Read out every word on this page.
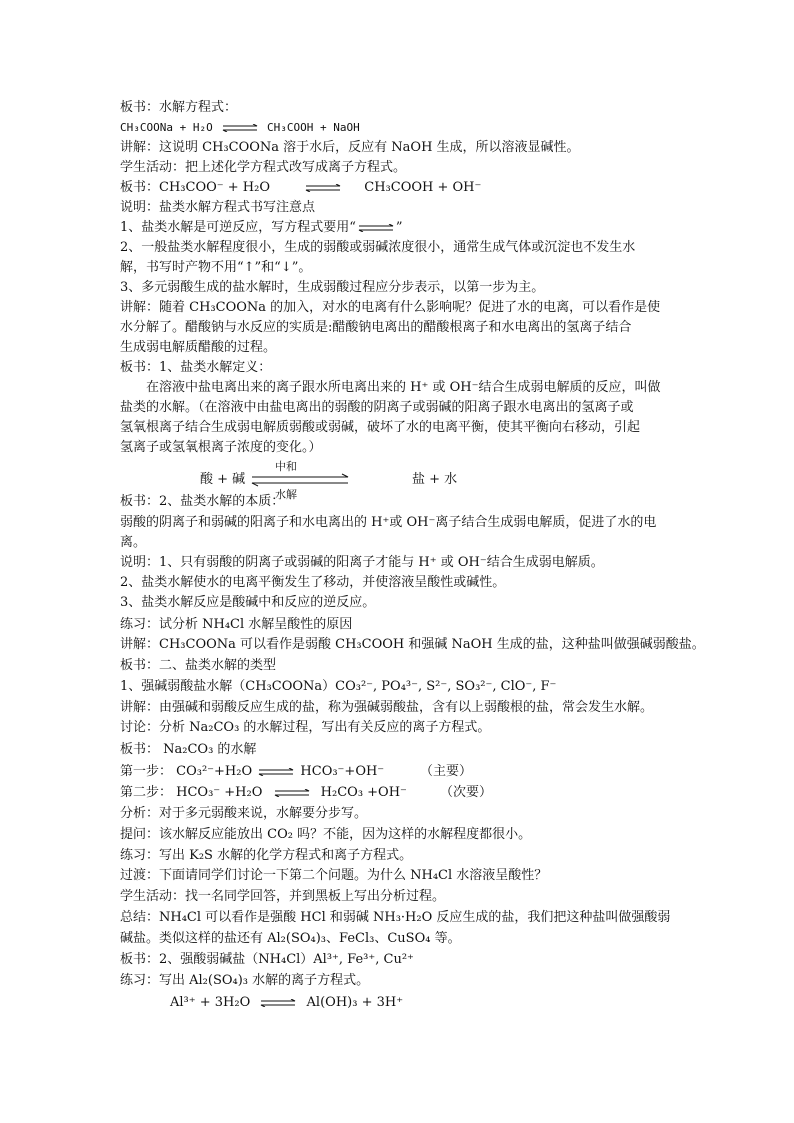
板书：水解方程式：
CH₃COONa + H₂O ⇌ CH₃COOH + NaOH
讲解：这说明 CH₃COONa 溶于水后，反应有 NaOH 生成，所以溶液显碱性。
学生活动：把上述化学方程式改写成离子方程式。
板书：CH₃COO⁻ + H₂O	CH₃COOH + OH⁻
说明：盐类水解方程式书写注意点
1、盐类水解是可逆反应，写方程式要用“⇌”
2、一般盐类水解程度很小，生成的弱酸或弱碱浓度很小，通常生成气体或沉淀也不发生水
解，书写时产物不用“↑”和“↓”。
3、多元弱酸生成的盐水解时，生成弱酸过程应分步表示，以第一步为主。
讲解：随着 CH₃COONa 的加入，对水的电离有什么影响呢？促进了水的电离，可以看作是使
水分解了。醋酸钠与水反应的实质是:醋酸钠电离出的醋酸根离子和水电离出的氢离子结合
生成弱电解质醋酸的过程。
板书：1、盐类水解定义：
在溶液中盐电离出来的离子跟水所电离出来的 H⁺ 或 OH⁻结合生成弱电解质的反应，叫做
盐类的水解。（在溶液中由盐电离出的弱酸的阴离子或弱碱的阳离子跟水电离出的氢离子或
氢氧根离子结合生成弱电解质弱酸或弱碱，破坏了水的电离平衡，使其平衡向右移动，引起
氢离子或氢氧根离子浓度的变化。）
酸 + 碱
中和
水解
盐 + 水
板书：2、盐类水解的本质：
弱酸的阴离子和弱碱的阳离子和水电离出的 H⁺或 OH⁻离子结合生成弱电解质，促进了水的电
离。
说明：1、只有弱酸的阴离子或弱碱的阳离子才能与 H⁺ 或 OH⁻结合生成弱电解质。
2、盐类水解使水的电离平衡发生了移动，并使溶液呈酸性或碱性。
3、盐类水解反应是酸碱中和反应的逆反应。
练习：试分析 NH₄Cl 水解呈酸性的原因
讲解：CH₃COONa 可以看作是弱酸 CH₃COOH 和强碱 NaOH 生成的盐，这种盐叫做强碱弱酸盐。
板书：二、盐类水解的类型
1、强碱弱酸盐水解（CH₃COONa）CO₃²⁻, PO₄³⁻, S²⁻, SO₃²⁻, ClO⁻, F⁻
讲解：由强碱和弱酸反应生成的盐，称为强碱弱酸盐，含有以上弱酸根的盐，常会发生水解。
讨论：分析 Na₂CO₃ 的水解过程，写出有关反应的离子方程式。
板书： Na₂CO₃ 的水解
第一步： CO₃²⁻+H₂O ⇌ HCO₃⁻+OH⁻	（主要）
第二步： HCO₃⁻ +H₂O ⇌ H₂CO₃ +OH⁻	（次要）
分析：对于多元弱酸来说，水解要分步写。
提问：该水解反应能放出 CO₂ 吗？不能，因为这样的水解程度都很小。
练习：写出 K₂S 水解的化学方程式和离子方程式。
过渡：下面请同学们讨论一下第二个问题。为什么 NH₄Cl 水溶液呈酸性？
学生活动：找一名同学回答，并到黑板上写出分析过程。
总结：NH₄Cl 可以看作是强酸 HCl 和弱碱 NH₃·H₂O 反应生成的盐，我们把这种盐叫做强酸弱
碱盐。类似这样的盐还有 Al₂(SO₄)₃、FeCl₃、CuSO₄ 等。
板书：2、强酸弱碱盐（NH₄Cl）Al³⁺, Fe³⁺, Cu²⁺
练习：写出 Al₂(SO₄)₃ 水解的离子方程式。
Al³⁺ + 3H₂O ⇌ Al(OH)₃ + 3H⁺
